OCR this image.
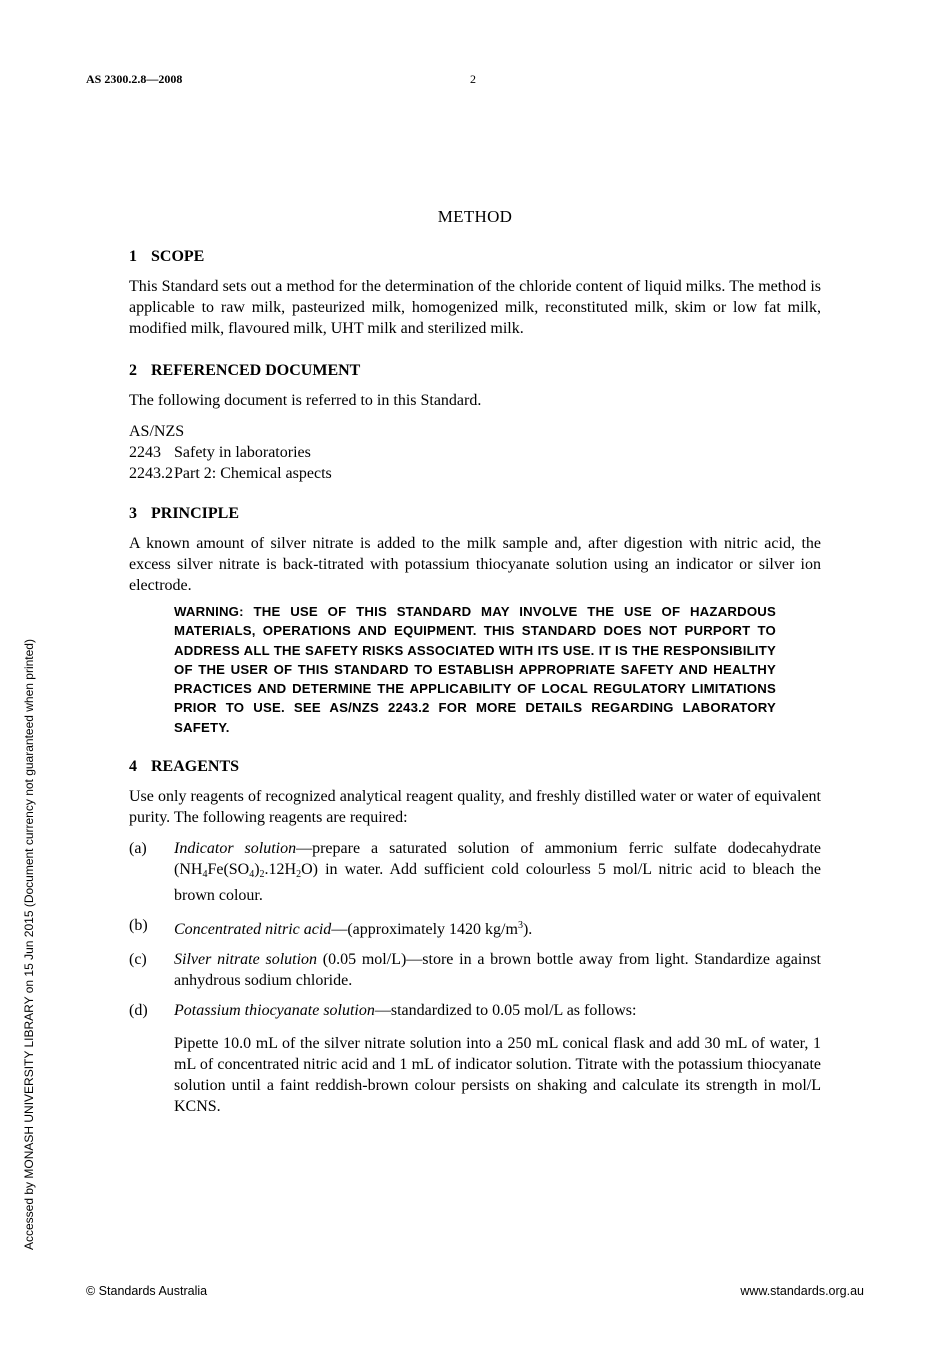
AS 2300.2.8—2008	2
Accessed by MONASH UNIVERSITY LIBRARY on 15 Jun 2015 (Document currency not guaranteed when printed)
METHOD
1 SCOPE

This Standard sets out a method for the determination of the chloride content of liquid milks. The method is applicable to raw milk, pasteurized milk, homogenized milk, reconstituted milk, skim or low fat milk, modified milk, flavoured milk, UHT milk and sterilized milk.

2 REFERENCED DOCUMENT

The following document is referred to in this Standard.

AS/NZS
2243 Safety in laboratories
2243.2 Part 2: Chemical aspects
3 PRINCIPLE

A known amount of silver nitrate is added to the milk sample and, after digestion with nitric acid, the excess silver nitrate is back-titrated with potassium thiocyanate solution using an indicator or silver ion electrode.

WARNING: THE USE OF THIS STANDARD MAY INVOLVE THE USE OF HAZARDOUS MATERIALS, OPERATIONS AND EQUIPMENT. THIS STANDARD DOES NOT PURPORT TO ADDRESS ALL THE SAFETY RISKS ASSOCIATED WITH ITS USE. IT IS THE RESPONSIBILITY OF THE USER OF THIS STANDARD TO ESTABLISH APPROPRIATE SAFETY AND HEALTHY PRACTICES AND DETERMINE THE APPLICABILITY OF LOCAL REGULATORY LIMITATIONS PRIOR TO USE. SEE AS/NZS 2243.2 FOR MORE DETAILS REGARDING LABORATORY SAFETY.
4 REAGENTS

Use only reagents of recognized analytical reagent quality, and freshly distilled water or water of equivalent purity. The following reagents are required:

(a)	Indicator solution—prepare a saturated solution of ammonium ferric sulfate dodecahydrate $(NH_4Fe(SO_4)_2.12H_2O)$ in water. Add sufficient cold colourless 5 mol/L nitric acid to bleach the brown colour.
(b)	Concentrated nitric acid—(approximately 1420 $kg/m^3$).
(c)	Silver nitrate solution (0.05 mol/L)—store in a brown bottle away from light. Standardize against anhydrous sodium chloride.
(d)	Potassium thiocyanate solution—standardized to 0.05 mol/L as follows:

Pipette 10.0 mL of the silver nitrate solution into a 250 mL conical flask and add 30 mL of water, 1 mL of concentrated nitric acid and 1 mL of indicator solution. Titrate with the potassium thiocyanate solution until a faint reddish-brown colour persists on shaking and calculate its strength in mol/L KCNS.

© Standards Australia	www.standards.org.au
